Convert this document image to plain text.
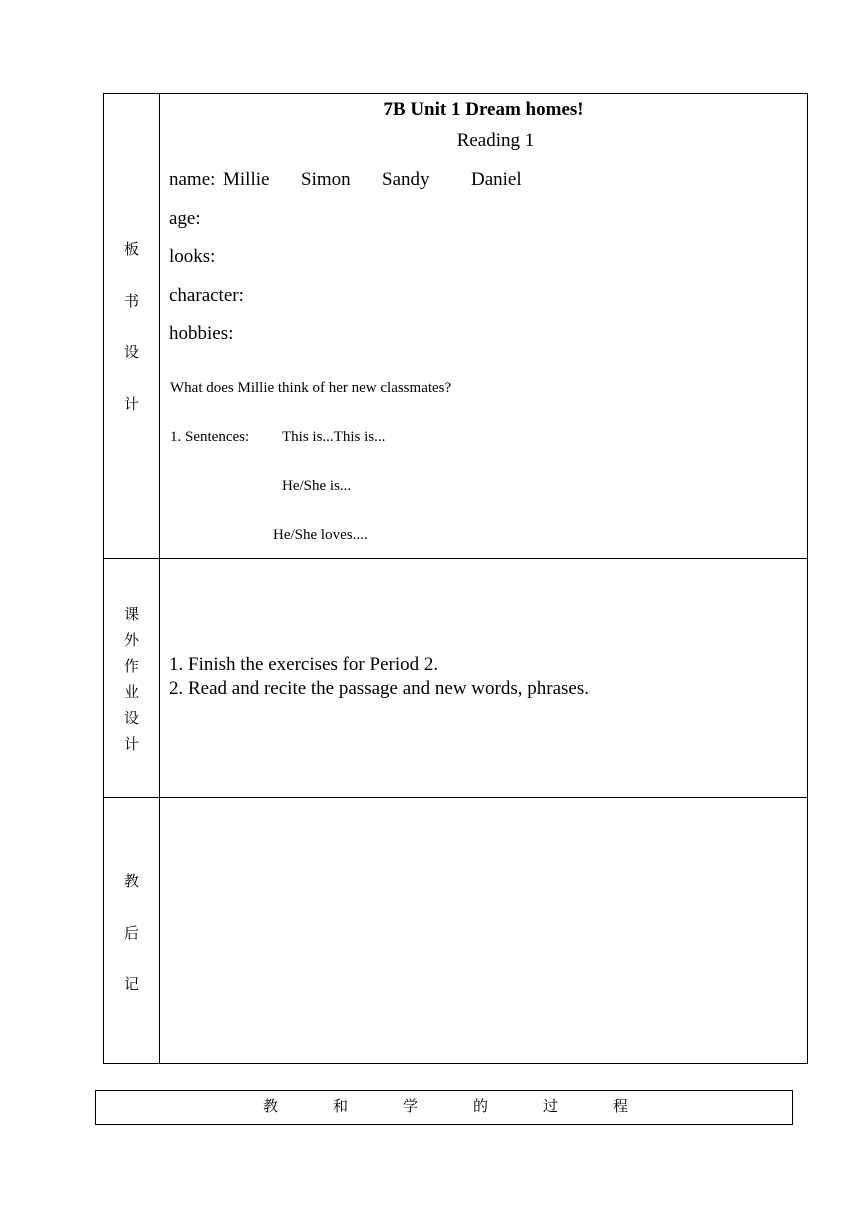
板
书
设
计
7B Unit 1 Dream homes!
Reading 1
name: Millie Simon Sandy Daniel
age:
looks:
character:
hobbies:
What does Millie think of her new classmates?
1. Sentences: This is...This is...
He/She is...
He/She loves....
课
外
作
业
设
计
1. Finish the exercises for Period 2.
2. Read and recite the passage and new words, phrases.
教
后
记
教	和	学	的	过	程
